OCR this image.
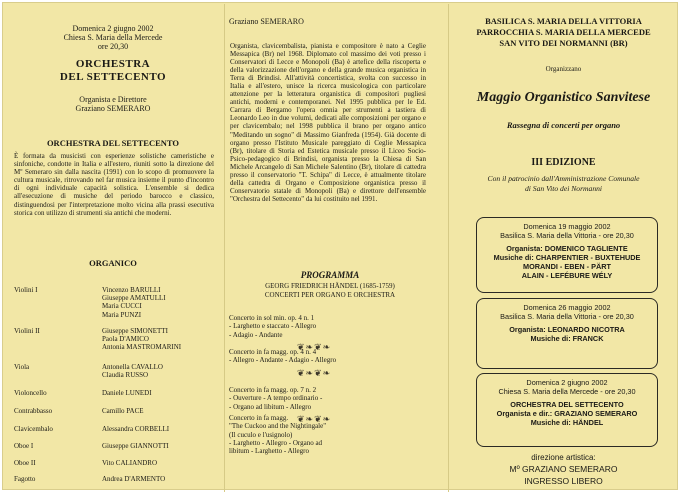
Domenica 2 giugno 2002
Chiesa S. Maria della Mercede
ore 20,30
ORCHESTRA
DEL SETTECENTO
Organista e Direttore
Graziano SEMERARO
ORCHESTRA DEL SETTECENTO
È formata da musicisti con esperienze solistiche cameristiche e sinfoniche, condotte in Italia e all'estero, riuniti sotto la direzione del Mº Semeraro sin dalla nascita (1991) con lo scopo di promuovere la cultura musicale, ritrovando nel far musica insieme il punto d'incontro di ogni individuale capacità solistica. L'ensemble si dedica all'esecuzione di musiche del periodo barocco e classico, distinguendosi per l'interpretazione molto vicina alla prassi esecutiva storica con utilizzo di strumenti sia antichi che moderni.
ORGANICO
Violini I	Vincenzo BARULLI
Giuseppe AMATULLI
Maria CUCCI
Maria PUNZI
Violini II	Giuseppe SIMONETTI
Paola D'AMICO
Antonia MASTROMARINI
Viola	Antonella CAVALLO
Claudia RUSSO
Violoncello	Daniele LUNEDI
Contrabbasso	Camillo PACE
Clavicembalo	Alessandra CORBELLI
Oboe I	Giuseppe GIANNOTTI
Oboe II	Vito CALIANDRO
Fagotto	Andrea D'ARMENTO
Graziano SEMERARO
Organista, clavicembalista, pianista e compositore è nato a Ceglie Messapica (Br) nel 1968. Diplomato col massimo dei voti presso i Conservatori di Lecce e Monopoli (Ba) è artefice della riscoperta e della valorizzazione dell'organo e della grande musica organistica in Terra di Brindisi. All'attività concertistica, svolta con successo in Italia e all'estero, unisce la ricerca musicologica con particolare attenzione per la letteratura organistica di compositori pugliesi antichi, moderni e contemporanei. Nel 1995 pubblica per le Ed. Carrara di Bergamo l'opera omnia per strumenti a tastiera di Leonardo Leo in due volumi, dedicati alle composizioni per organo e per clavicembalo; nel 1998 pubblica il brano per organo antico "Meditando un sogno" di Massimo Gianfreda (1954). Già docente di organo presso l'Istituto Musicale pareggiato di Ceglie Messapica (Br), titolare di Storia ed Estetica musicale presso il Liceo Socio-Psico-pedagogico di Brindisi, organista presso la Chiesa di San Michele Arcangelo di San Michele Salentino (Br), titolare di cattedra presso il conservatorio "T. Schipa" di Lecce, è attualmente titolare della cattedra di Organo e Composizione organistica presso il Conservatorio statale di Monopoli (Ba) e direttore dell'ensemble "Orchestra del Settecento" da lui costituito nel 1991.
PROGRAMMA
GEORG FRIEDRICH HÄNDEL (1685-1759)
CONCERTI PER ORGANO E ORCHESTRA
Concerto in sol min. op. 4 n. 1
- Larghetto e staccato - Allegro
- Adagio - Andante
❦❧❦❧
Concerto in fa magg. op. 4 n. 4
- Allegro - Andante - Adagio - Allegro
❦❧❦❧
Concerto in fa magg. op. 7 n. 2
- Ouverture - A tempo ordinario -
- Organo ad libitum - Allegro
❦❧❦❧
Concerto in fa magg.
"The Cuckoo and the Nightingale"
(Il cuculo e l'usignolo)
- Larghetto - Allegro - Organo ad
libitum - Larghetto - Allegro
BASILICA S. MARIA DELLA VITTORIA
PARROCCHIA S. MARIA DELLA MERCEDE
SAN VITO DEI NORMANNI (BR)
Organizzano
Maggio Organistico Sanvitese
Rassegna di concerti per organo
III EDIZIONE
Con il patrocinio dall'Amministrazione Comunale
di San Vito dei Normanni
direzione artistica:
Mº GRAZIANO SEMERARO
INGRESSO LIBERO
Domenica 19 maggio 2002
Basilica S. Maria della Vittoria - ore 20,30
Organista: DOMENICO TAGLIENTE
Musiche di: CHARPENTIER - BUXTEHUDE
MORANDI - EBEN - PÄRT
ALAIN - LEFÉBURE WÉLY
Domenica 26 maggio 2002
Basilica S. Maria della Vittoria - ore 20,30
Organista: LEONARDO NICOTRA
Musiche di: FRANCK
Domenica 2 giugno 2002
Chiesa S. Maria della Mercede - ore 20,30
ORCHESTRA DEL SETTECENTO
Organista e dir.: GRAZIANO SEMERARO
Musiche di: HÄNDEL
